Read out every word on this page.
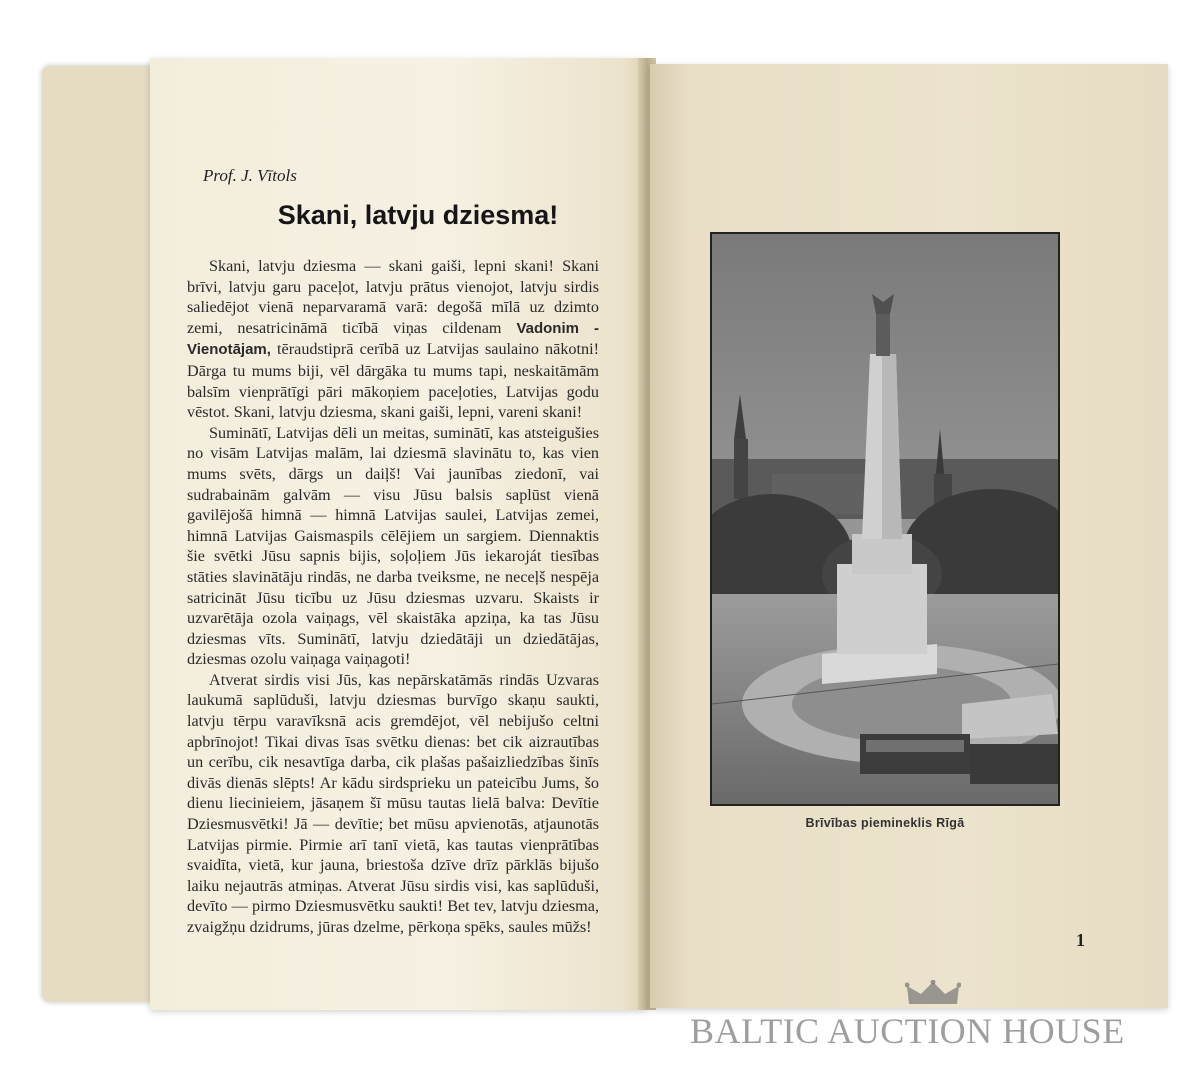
Prof. J. Vītols
Skani, latvju dziesma!

Skani, latvju dziesma — skani gaiši, lepni skani! Skani brīvi, latvju garu paceļot, latvju prātus vienojot, latvju sirdis saliedējot vienā neparvaramā varā: degošā mīlā uz dzimto zemi, nesatricināmā ticībā viņas cildenam Vadonim - Vienotājam, tēraudstiprā cerībā uz Latvijas saulaino nākotni! Dārga tu mums biji, vēl dārgāka tu mums tapi, neskaitāmām balsīm vienprātīgi pāri mākoņiem paceļoties, Latvijas godu vēstot. Skani, latvju dziesma, skani gaiši, lepni, vareni skani!

Suminātī, Latvijas dēli un meitas, suminātī, kas atsteigušies no visām Latvijas malām, lai dziesmā slavinātu to, kas vien mums svēts, dārgs un daiļš! Vai jaunības ziedonī, vai sudrabainām galvām — visu Jūsu balsis saplūst vienā gavilējošā himnā — himnā Latvijas saulei, Latvijas zemei, himnā Latvijas Gaismaspils cēlējiem un sargiem. Diennaktis šie svētki Jūsu sapnis bijis, soļoļiem Jūs iekaroját tiesības stāties slavinātāju rindās, ne darba tveiksme, ne neceļš nespēja satricināt Jūsu ticību uz Jūsu dziesmas uzvaru. Skaists ir uzvarētāja ozola vaiņags, vēl skaistāka apziņa, ka tas Jūsu dziesmas vīts. Suminātī, latvju dziedātāji un dziedātājas, dziesmas ozolu vaiņaga vaiņagoti!

Atverat sirdis visi Jūs, kas nepārskatāmās rindās Uzvaras laukumā saplūduši, latvju dziesmas burvīgo skaņu saukti, latvju tērpu varavīksnā acis gremdējot, vēl nebijušo celtni apbrīnojot! Tikai divas īsas svētku dienas: bet cik aizrautības un cerību, cik nesavtīga darba, cik plašas pašaizliedzības šinīs divās dienās slēpts! Ar kādu sirdsprieku un pateicību Jums, šo dienu liecinieiem, jāsaņem šī mūsu tautas lielā balva: Devītie Dziesmusvētki! Jā — devītie; bet mūsu apvienotās, atjaunotās Latvijas pirmie. Pirmie arī tanī vietā, kas tautas vienprātības svaidīta, vietā, kur jauna, briestoša dzīve drīz pārklās bijušo laiku nejautrās atmiņas. Atverat Jūsu sirdis visi, kas saplūduši, devīto — pirmo Dziesmusvētku saukti! Bet tev, latvju dziesma, zvaigžņu dzidrums, jūras dzelme, pērkoņa spēks, saules mūžs!

Brīvības piemineklis Rīgā
1
BALTIC AUCTION HOUSE
